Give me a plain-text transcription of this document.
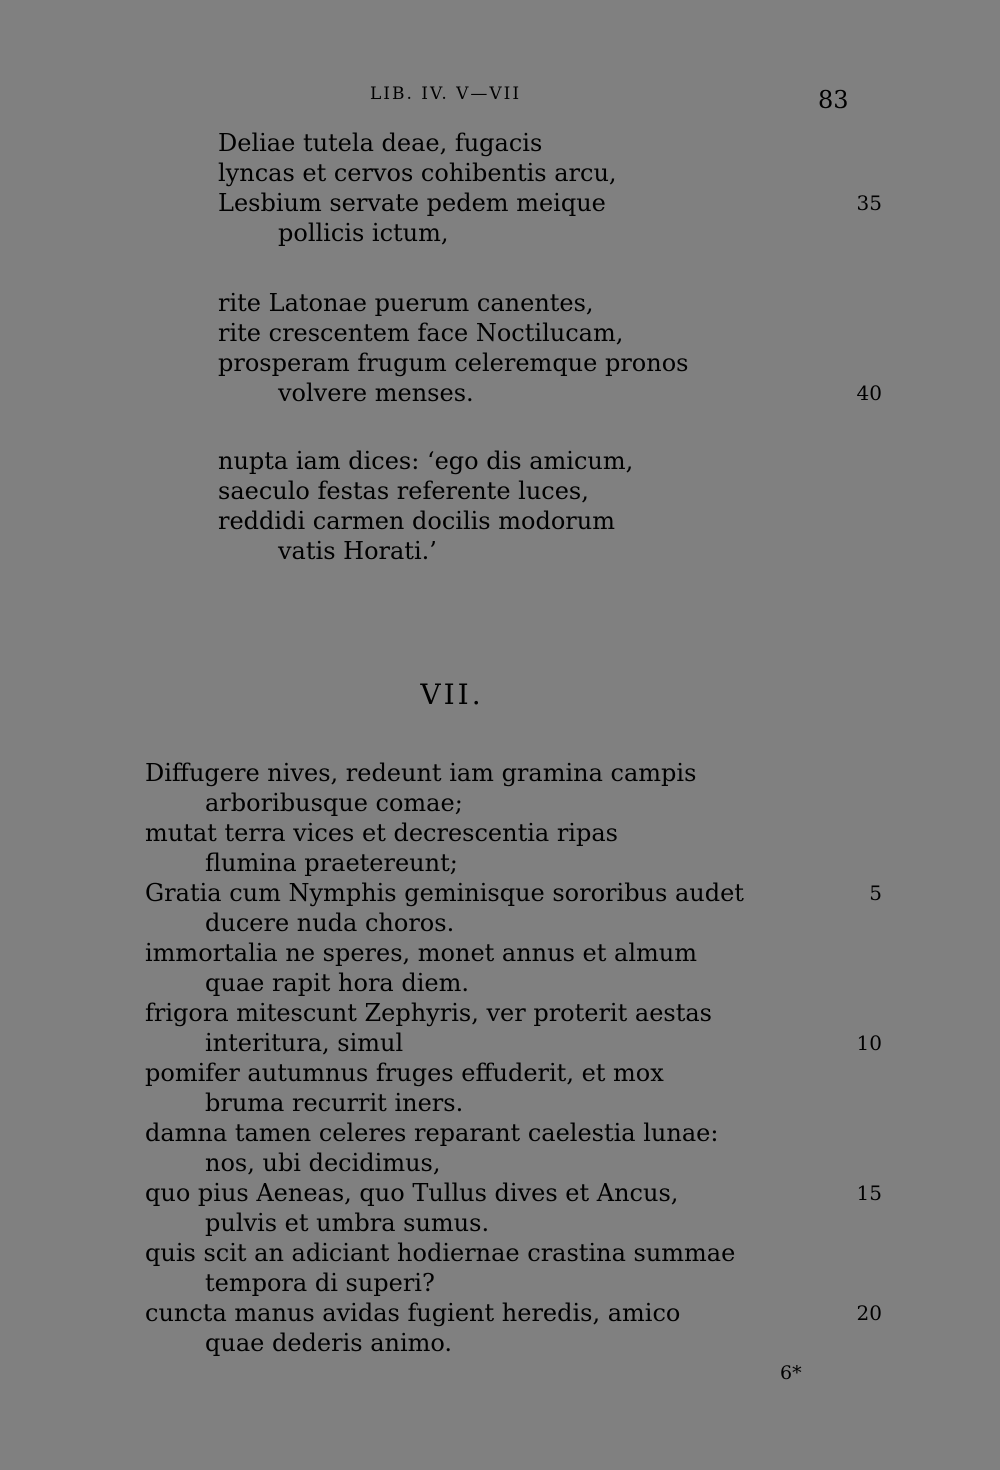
LIB. IV. V—VII	83
Deliae tutela deae, fugacis
lyncas et cervos cohibentis arcu,
Lesbium servate pedem meique	35
pollicis ictum,
rite Latonae puerum canentes,
rite crescentem face Noctilucam,
prosperam frugum celeremque pronos
volvere menses.	40
nupta iam dices: ‘ego dis amicum,
saeculo festas referente luces,
reddidi carmen docilis modorum
vatis Horati.’
VII.
Diffugere nives, redeunt iam gramina campis
arboribusque comae;
mutat terra vices et decrescentia ripas
flumina praetereunt;
Gratia cum Nymphis geminisque sororibus audet	5
ducere nuda choros.
immortalia ne speres, monet annus et almum
quae rapit hora diem.
frigora mitescunt Zephyris, ver proterit aestas
interitura, simul	10
pomifer autumnus fruges effuderit, et mox
bruma recurrit iners.
damna tamen celeres reparant caelestia lunae:
nos, ubi decidimus,
quo pius Aeneas, quo Tullus dives et Ancus,	15
pulvis et umbra sumus.
quis scit an adiciant hodiernae crastina summae
tempora di superi?
cuncta manus avidas fugient heredis, amico	20
quae dederis animo.
6*
